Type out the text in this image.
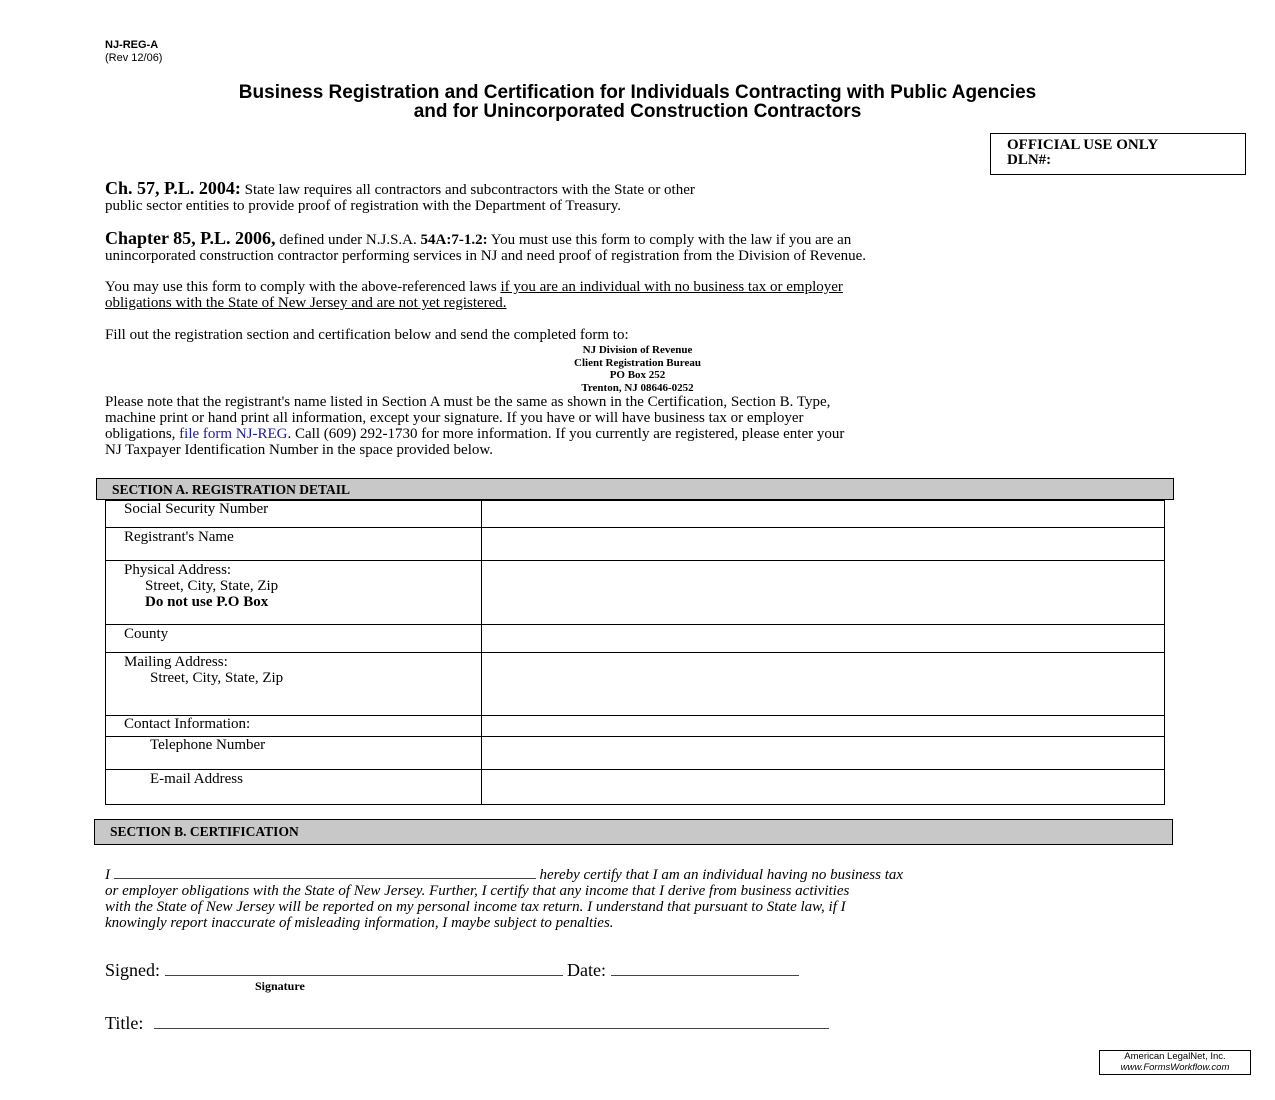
NJ-REG-A
(Rev 12/06)
Business Registration and Certification for Individuals Contracting with Public Agencies
and for Unincorporated Construction Contractors
OFFICIAL USE ONLY
DLN#:
Ch. 57, P.L. 2004: State law requires all contractors and subcontractors with the State or other
public sector entities to provide proof of registration with the Department of Treasury.
Chapter 85, P.L. 2006, defined under N.J.S.A. 54A:7-1.2: You must use this form to comply with the law if you are an
unincorporated construction contractor performing services in NJ and need proof of registration from the Division of Revenue.
You may use this form to comply with the above-referenced laws if you are an individual with no business tax or employer
obligations with the State of New Jersey and are not yet registered.
Fill out the registration section and certification below and send the completed form to:
NJ Division of Revenue
Client Registration Bureau
PO Box 252
Trenton, NJ 08646-0252
Please note that the registrant's name listed in Section A must be the same as shown in the Certification, Section B. Type,
machine print or hand print all information, except your signature. If you have or will have business tax or employer
obligations, file form NJ-REG. Call (609) 292-1730 for more information. If you currently are registered, please enter your
NJ Taxpayer Identification Number in the space provided below.
SECTION A. REGISTRATION DETAIL
Social Security Number	
Registrant's Name	

Physical Address:
Street, City, State, Zip
Do not use P.O Box	

County	

Mailing Address:
Street, City, State, Zip	

Contact Information:	
Telephone Number	
E-mail Address	
SECTION B. CERTIFICATION
I	hereby certify that I am an individual having no business tax
or employer obligations with the State of New Jersey. Further, I certify that any income that I derive from business activities
with the State of New Jersey will be reported on my personal income tax return. I understand that pursuant to State law, if I
knowingly report inaccurate of misleading information, I maybe subject to penalties.
Signed:	Date:
Signature
Title:
American LegalNet, Inc.
www.FormsWorkflow.com
